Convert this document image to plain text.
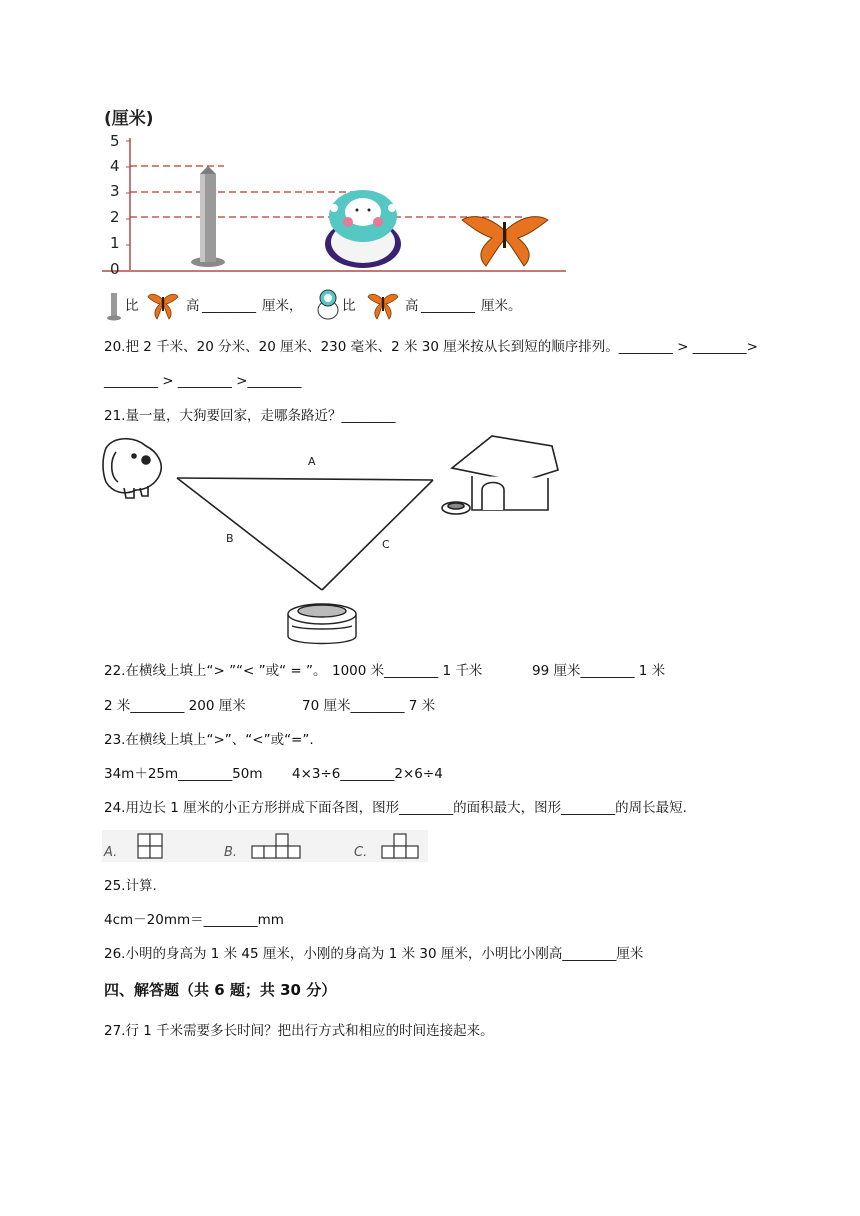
(厘米)
0
1
2
3
4
5
比	高 ________ 厘米，	比	高 ________ 厘米。
20.把 2 千米、20 分米、20 厘米、230 毫米、2 米 30 厘米按从长到短的顺序排列。________ > ________>
________ > ________ >________
21.量一量，大狗要回家，走哪条路近？________
A
B	C
22.在横线上填上“> ”“< ”或“ = ”。 1000 米________ 1 千米	99 厘米________ 1 米
2 米________ 200 厘米	70 厘米________ 7 米
23.在横线上填上“>”、“<”或“=”.
34m＋25m________50m 4×3÷6________2×6÷4
24.用边长 1 厘米的小正方形拼成下面各图，图形________的面积最大，图形________的周长最短.
A.	B.	C.
25.计算.
4cm－20mm＝________mm
26.小明的身高为 1 米 45 厘米，小刚的身高为 1 米 30 厘米，小明比小刚高________厘米
四、解答题（共 6 题；共 30 分）
27.行 1 千米需要多长时间？把出行方式和相应的时间连接起来。
